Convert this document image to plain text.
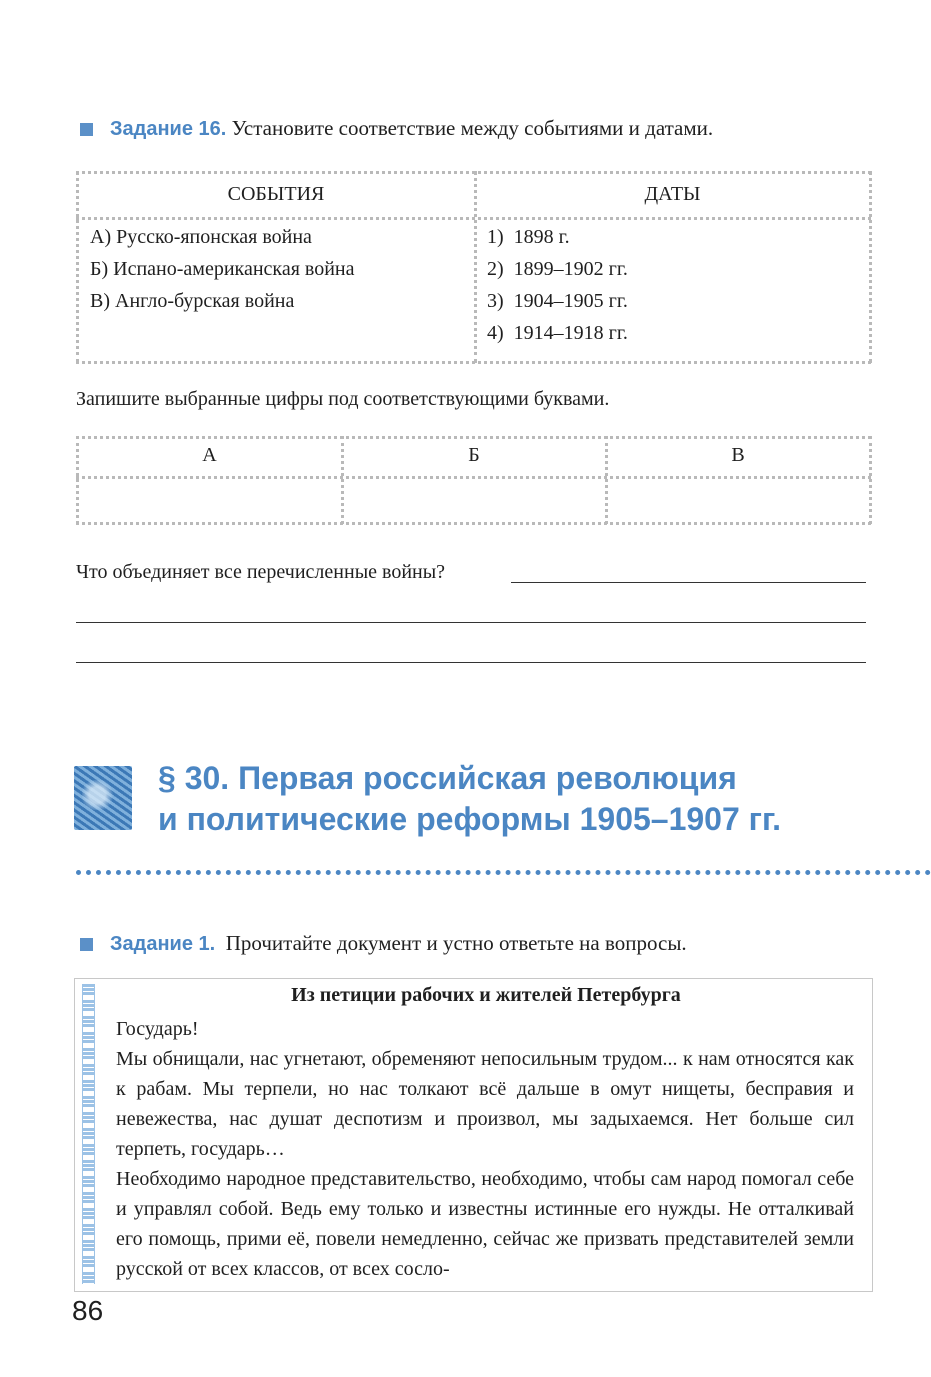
Задание 16. Установите соответствие между событиями и датами.
СОБЫТИЯ	ДАТЫ
А) Русско-японская война
Б) Испано-американская война
В) Англо-бурская война
1) 1898 г.
2) 1899–1902 гг.
3) 1904–1905 гг.
4) 1914–1918 гг.
Запишите выбранные цифры под соответствующими буквами.
А	Б	В
Что объединяет все перечисленные войны?
§ 30. Первая российская революция
и политические реформы 1905–1907 гг.
Задание 1. Прочитайте документ и устно ответьте на вопросы.
Из петиции рабочих и жителей Петербурга

Государь!

Мы обнищали, нас угнетают, обременяют непосильным трудом... к нам относятся как к рабам. Мы терпели, но нас толкают всё дальше в омут нищеты, бесправия и невежества, нас душат деспотизм и произвол, мы задыхаемся. Нет больше сил терпеть, государь…

Необходимо народное представительство, необходимо, чтобы сам народ помогал себе и управлял собой. Ведь ему только и известны истинные его нужды. Не отталкивай его помощь, прими её, повели немедленно, сейчас же призвать представителей земли русской от всех классов, от всех сосло-

86
